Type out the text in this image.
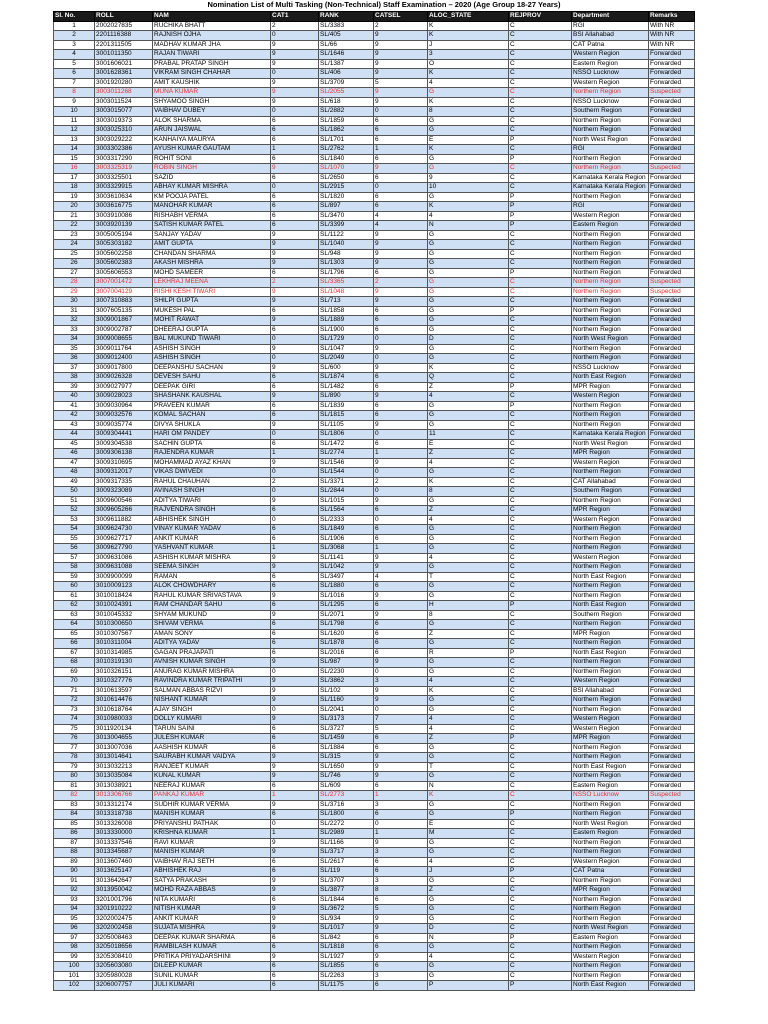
Nomination List of Multi Tasking (Non-Technical) Staff Examination – 2020 (Age Group 18-27 Years)
Sl. No.	ROLL	NAM	CAT1	RANK	CATSEL	ALOC_STATE	REJPROV	Department	Remarks
1	2002027835	RUCHIKA BHATT	2	SL/3383	2	K	C	RGI	With NR
2	2201116388	RAJNISH OJHA	0	SL/405	9	K	C	BSI Allahabad	With NR
3	2201311505	MADHAV KUMAR JHA	9	SL/66	9	J	C	CAT Patna	With NR
4	3001011350	RAJAN TIWARI	9	SL/1646	9	3	C	Western Region	Forwarded
5	3001606021	PRABAL PRATAP SINGH	9	SL/1387	9	O	C	Eastern Region	Forwarded
6	3001628361	VIKRAM SINGH CHAHAR	0	SL/406	9	K	C	NSSO Lucknow	Forwarded
7	3001920280	AMIT KAUSHIK	9	SL/3709	5	4	C	Western Region	Forwarded
8	3003011268	MUNA KUMAR	9	SL/2055	9	G	C	Northern Region	Suspected
9	3003011524	SHYAMOO SINGH	9	SL/618	9	K	C	NSSO Lucknow	Forwarded
10	3003015077	VAIBHAV DUBEY	0	SL/2882	0	8	C	Southern Region	Forwarded
11	3003019373	ALOK SHARMA	6	SL/1859	6	G	C	Northern Region	Forwarded
12	3003025310	ARUN JAISWAL	6	SL/1862	6	G	C	Northern Region	Forwarded
13	3003029222	KANHAIYA MAURYA	6	SL/1701	6	E	P	North West Region	Forwarded
14	3003302386	AYUSH KUMAR GAUTAM	1	SL/2762	1	K	C	RGI	Forwarded
15	3003317290	ROHIT SONI	6	SL/1840	6	G	P	Northern Region	Forwarded
16	3003325319	ROBIN SINGH	9	SL/1070	9	G	C	Northern Region	Suspected
17	3003325501	SAZID	6	SL/2650	6	9	C	Karnataka Kerala Region	Forwarded
18	3003329915	ABHAY KUMAR MISHRA	0	SL/2915	0	10	C	Karnataka Kerala Region	Forwarded
19	3003610634	KM POOJA PATEL	6	SL/1820	6	G	P	Northern Region	Forwarded
20	3003616775	MANOHAR KUMAR	6	SL/897	6	K	P	RGI	Forwarded
21	3003910086	RISHABH VERMA	6	SL/3470	4	4	P	Western Region	Forwarded
22	3003920139	SATISH KUMAR PATEL	6	SL/3399	4	N	P	Eastern Region	Forwarded
23	3005005194	SANJAY YADAV	9	SL/1122	9	G	C	Northern Region	Forwarded
24	3005303182	AMIT GUPTA	9	SL/1040	9	G	C	Northern Region	Forwarded
25	3005602258	CHANDAN SHARMA	9	SL/948	9	G	C	Northern Region	Forwarded
26	3005602383	AKASH MISHRA	9	SL/1303	9	G	C	Northern Region	Forwarded
27	3005606553	MOHD SAMEER	6	SL/1796	6	G	P	Northern Region	Forwarded
28	3007001472	LEKHRAJ MEENA	2	SL/3365	2	G	C	Northern Region	Suspected
29	3007004129	RISHI KESH TIWARI	9	SL/1048	9	G	C	Northern Region	Suspected
30	3007310883	SHILPI GUPTA	9	SL/713	9	G	C	Northern Region	Forwarded
31	3007605135	MUKESH PAL	6	SL/1858	6	G	P	Northern Region	Forwarded
32	3009001867	MOHIT RAWAT	9	SL/1889	6	G	C	Northern Region	Forwarded
33	3009002787	DHEERAJ GUPTA	6	SL/1900	6	G	C	Northern Region	Forwarded
34	3009008655	BAL MUKUND TIWARI	0	SL/1729	0	D	C	North West Region	Forwarded
35	3009011764	ASHISH SINGH	9	SL/1047	9	G	C	Northern Region	Forwarded
36	3009012400	ASHISH SINGH	0	SL/2049	0	G	C	Northern Region	Forwarded
37	3009017800	DEEPANSHU SACHAN	9	SL/600	9	K	C	NSSO Lucknow	Forwarded
38	3009026328	DEVESH SAHU	6	SL/1874	6	Q	C	North East Region	Forwarded
39	3009027977	DEEPAK GIRI	6	SL/1482	6	Z	P	MPR Region	Forwarded
40	3009028023	SHASHANK KAUSHAL	9	SL/890	9	4	C	Western Region	Forwarded
41	3009030964	PRAVEEN KUMAR	6	SL/1839	6	G	P	Northern Region	Forwarded
42	3009032576	KOMAL SACHAN	6	SL/1815	6	G	C	Northern Region	Forwarded
43	3009035774	DIVYA SHUKLA	9	SL/1105	9	G	C	Northern Region	Forwarded
44	3009304441	HARI OM PANDEY	0	SL/1806	0	11	C	Karnataka Kerala Region	Forwarded
45	3009304538	SACHIN GUPTA	6	SL/1472	6	E	C	North West Region	Forwarded
46	3009306138	RAJENDRA KUMAR	1	SL/2774	1	Z	C	MPR Region	Forwarded
47	3009310695	MOHAMMAD AYAZ KHAN	9	SL/1546	9	4	C	Western Region	Forwarded
48	3009312017	VIKAS DWIVEDI	0	SL/1544	0	G	C	Northern Region	Forwarded
49	3009317335	RAHUL CHAUHAN	2	SL/3371	2	K	C	CAT Allahabad	Forwarded
50	3009323089	AVINASH SINGH	0	SL/2844	0	8	C	Southern Region	Forwarded
51	3009600546	ADITYA TIWARI	9	SL/1015	9	G	C	Northern Region	Forwarded
52	3009605266	RAJVENDRA SINGH	6	SL/1564	6	Z	C	MPR Region	Forwarded
53	3009611882	ABHISHEK SINGH	0	SL/2333	0	4	C	Western Region	Forwarded
54	3009624730	VINAY KUMAR YADAV	6	SL/1849	6	G	C	Northern Region	Forwarded
55	3009627717	ANKIT KUMAR	6	SL/1906	6	G	C	Northern Region	Forwarded
56	3009627790	YASHVANT KUMAR	1	SL/3068	1	G	C	Northern Region	Forwarded
57	3009631086	ASHISH KUMAR MISHRA	9	SL/1141	9	4	C	Western Region	Forwarded
58	3009631088	SEEMA SINGH	9	SL/1042	9	G	C	Northern Region	Forwarded
59	3009900099	RAMAN	6	SL/3497	4	T	C	North East Region	Forwarded
60	3010009123	ALOK CHOWDHARY	6	SL/1880	6	G	C	Northern Region	Forwarded
61	3010018424	RAHUL KUMAR SRIVASTAVA	9	SL/1016	9	G	C	Northern Region	Forwarded
62	3010024391	RAM CHANDAR SAHU	6	SL/1295	6	H	P	North East Region	Forwarded
63	3010045332	SHYAM MUKUND	9	SL/2071	9	8	C	Southern Region	Forwarded
64	3010300650	SHIVAM VERMA	6	SL/1798	6	G	C	Northern Region	Forwarded
65	3010307567	AMAN SONY	6	SL/1620	6	Z	C	MPR Region	Forwarded
66	3010311004	ADITYA YADAV	6	SL/1878	6	G	C	Northern Region	Forwarded
67	3010314985	GAGAN PRAJAPATI	6	SL/2016	6	R	P	North East Region	Forwarded
68	3010319130	AVNISH KUMAR SINGH	9	SL/987	9	G	C	Northern Region	Forwarded
69	3010326151	ANURAG KUMAR MISHRA	0	SL/2230	0	G	C	Northern Region	Forwarded
70	3010327776	RAVINDRA KUMAR TRIPATHI	9	SL/3862	3	4	C	Western Region	Forwarded
71	3010613597	SALMAN ABBAS RIZVI	9	SL/102	9	K	C	BSI Allahabad	Forwarded
72	3010614476	NISHANT KUMAR	9	SL/1160	9	G	C	Northern Region	Forwarded
73	3010618764	AJAY SINGH	0	SL/2041	0	G	C	Northern Region	Forwarded
74	3010980033	DOLLY KUMARI	9	SL/3173	7	4	C	Western Region	Forwarded
75	3011920134	TARUN SAINI	6	SL/3727	5	4	C	Western Region	Forwarded
76	3013004655	JULESH KUMAR	6	SL/1459	6	Z	P	MPR Region	Forwarded
77	3013007036	AASHISH KUMAR	6	SL/1884	6	G	C	Northern Region	Forwarded
78	3013014641	SAURABH KUMAR VAIDYA	9	SL/315	9	G	C	Northern Region	Forwarded
79	3013032213	RANJEET KUMAR	9	SL/1650	9	T	C	North East Region	Forwarded
80	3013035084	KUNAL KUMAR	9	SL/746	9	G	C	Northern Region	Forwarded
81	3013038921	NEERAJ KUMAR	6	SL/609	6	N	C	Eastern Region	Forwarded
82	3013306766	PANKAJ KUMAR	1	SL/2773	1	K	C	NSSO Lucknow	Suspected
83	3013312174	SUDHIR KUMAR VERMA	9	SL/3716	3	G	C	Northern Region	Forwarded
84	3013318738	MANISH KUMAR	6	SL/1800	6	G	P	Northern Region	Forwarded
85	3013326008	PRIYANSHU PATHAK	0	SL/2272	0	E	C	North West Region	Forwarded
86	3013330000	KRISHNA KUMAR	1	SL/2989	1	M	C	Eastern Region	Forwarded
87	3013337546	RAVI KUMAR	9	SL/1166	9	G	C	Northern Region	Forwarded
88	3013345687	MANISH KUMAR	9	SL/3717	3	G	C	Northern Region	Forwarded
89	3013607460	VAIBHAV RAJ SETH	6	SL/2617	6	4	C	Western Region	Forwarded
90	3013625147	ABHISHEK RAJ	6	SL/119	6	J	P	CAT Patna	Forwarded
91	3013642647	SATYA PRAKASH	9	SL/3707	3	G	C	Northern Region	Forwarded
92	3013950042	MOHD RAZA ABBAS	9	SL/3877	8	Z	C	MPR Region	Forwarded
93	3201001796	NITA KUMARI	6	SL/1844	6	G	C	Northern Region	Forwarded
94	3201910222	NITISH KUMAR	9	SL/3672	5	G	C	Northern Region	Forwarded
95	3202002475	ANKIT KUMAR	9	SL/934	9	G	C	Northern Region	Forwarded
96	3202002458	SUJATA MISHRA	9	SL/1017	9	D	C	North West Region	Forwarded
97	3205008463	DEEPAK KUMAR SHARMA	6	SL/842	6	N	P	Eastern Region	Forwarded
98	3205018656	RAMBILASH KUMAR	6	SL/1818	6	G	C	Northern Region	Forwarded
99	3205308410	PRITIKA PRIYADARSHINI	9	SL/1927	9	4	C	Western Region	Forwarded
100	3205603080	DILEEP KUMAR	6	SL/1855	6	G	C	Northern Region	Forwarded
101	3205980028	SUNIL KUMAR	6	SL/2263	3	G	C	Northern Region	Forwarded
102	3206007757	JULI KUMARI	6	SL/1175	6	P	P	North East Region	Forwarded
